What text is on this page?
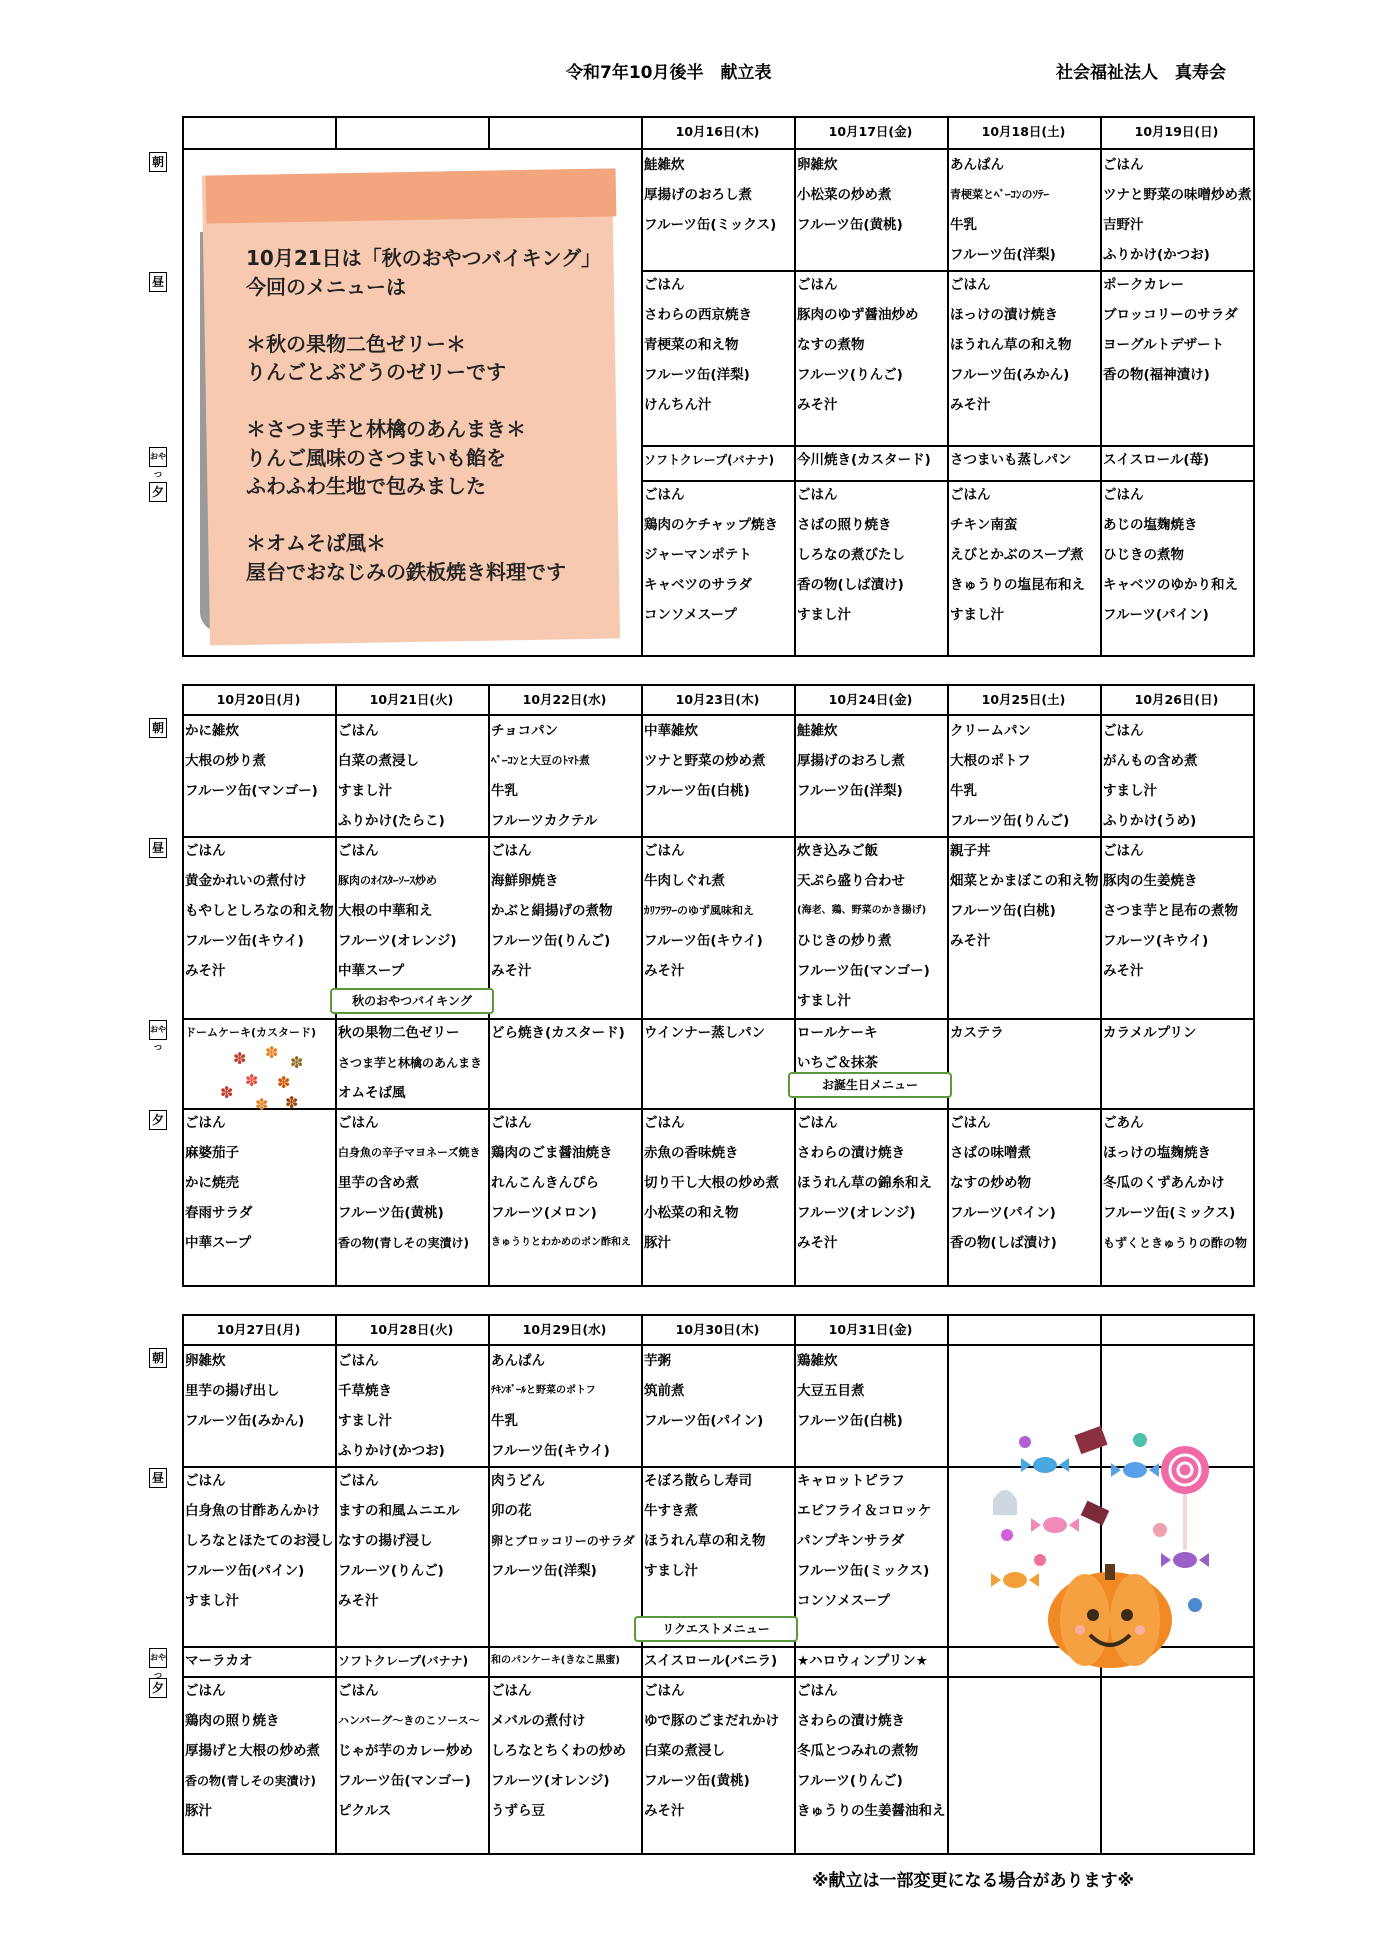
令和7年10月後半　献立表	社会福祉法人　真寿会
朝
昼
おやつ
夕
10月16日(木)
鮭雑炊
厚揚げのおろし煮
フルーツ缶(ミックス)
ごはん
さわらの西京焼き
青梗菜の和え物
フルーツ缶(洋梨)
けんちん汁
ソフトクレープ(バナナ)
ごはん
鶏肉のケチャップ焼き
ジャーマンポテト
キャベツのサラダ
コンソメスープ
10月17日(金)
卵雑炊
小松菜の炒め煮
フルーツ缶(黄桃)
ごはん
豚肉のゆず醤油炒め
なすの煮物
フルーツ(りんご)
みそ汁
今川焼き(カスタード)
ごはん
さばの照り焼き
しろなの煮びたし
香の物(しば漬け)
すまし汁
10月18日(土)
あんぱん
青梗菜とﾍﾞｰｺﾝのｿﾃｰ
牛乳
フルーツ缶(洋梨)
ごはん
ほっけの漬け焼き
ほうれん草の和え物
フルーツ缶(みかん)
みそ汁
さつまいも蒸しパン
ごはん
チキン南蛮
えびとかぶのスープ煮
きゅうりの塩昆布和え
すまし汁
10月19日(日)
ごはん
ツナと野菜の味噌炒め煮
吉野汁
ふりかけ(かつお)
ポークカレー
ブロッコリーのサラダ
ヨーグルトデザート
香の物(福神漬け)
スイスロール(苺)
ごはん
あじの塩麹焼き
ひじきの煮物
キャベツのゆかり和え
フルーツ(パイン)
朝
昼
おやつ
夕
10月20日(月)
かに雑炊
大根の炒り煮
フルーツ缶(マンゴー)
ごはん
黄金かれいの煮付け
もやしとしろなの和え物
フルーツ缶(キウイ)
みそ汁
ドームケーキ(カスタード)
ごはん
麻婆茄子
かに焼売
春雨サラダ
中華スープ
10月21日(火)
ごはん
白菜の煮浸し
すまし汁
ふりかけ(たらこ)
ごはん
豚肉のｵｲｽﾀｰｿｰｽ炒め
大根の中華和え
フルーツ(オレンジ)
中華スープ
秋の果物二色ゼリー
さつま芋と林檎のあんまき
オムそば風
ごはん
白身魚の辛子マヨネーズ焼き
里芋の含め煮
フルーツ缶(黄桃)
香の物(青しその実漬け)
10月22日(水)
チョコパン
ﾍﾞｰｺﾝと大豆のﾄﾏﾄ煮
牛乳
フルーツカクテル
ごはん
海鮮卵焼き
かぶと絹揚げの煮物
フルーツ缶(りんご)
みそ汁
どら焼き(カスタード)
ごはん
鶏肉のごま醤油焼き
れんこんきんぴら
フルーツ(メロン)
きゅうりとわかめのポン酢和え
10月23日(木)
中華雑炊
ツナと野菜の炒め煮
フルーツ缶(白桃)
ごはん
牛肉しぐれ煮
ｶﾘﾌﾗﾜｰのゆず風味和え
フルーツ缶(キウイ)
みそ汁
ウインナー蒸しパン
ごはん
赤魚の香味焼き
切り干し大根の炒め煮
小松菜の和え物
豚汁
10月24日(金)
鮭雑炊
厚揚げのおろし煮
フルーツ缶(洋梨)
炊き込みご飯
天ぷら盛り合わせ
(海老、鶏、野菜のかき揚げ)
ひじきの炒り煮
フルーツ缶(マンゴー)
すまし汁
ロールケーキ
いちご＆抹茶
ごはん
さわらの漬け焼き
ほうれん草の錦糸和え
フルーツ(オレンジ)
みそ汁
10月25日(土)
クリームパン
大根のポトフ
牛乳
フルーツ缶(りんご)
親子丼
畑菜とかまぼこの和え物
フルーツ缶(白桃)
みそ汁
カステラ
ごはん
さばの味噌煮
なすの炒め物
フルーツ(パイン)
香の物(しば漬け)
10月26日(日)
ごはん
がんもの含め煮
すまし汁
ふりかけ(うめ)
ごはん
豚肉の生姜焼き
さつま芋と昆布の煮物
フルーツ(キウイ)
みそ汁
カラメルプリン
ごあん
ほっけの塩麹焼き
冬瓜のくずあんかけ
フルーツ缶(ミックス)
もずくときゅうりの酢の物
朝
昼
おやつ
夕
10月27日(月)
卵雑炊
里芋の揚げ出し
フルーツ缶(みかん)
ごはん
白身魚の甘酢あんかけ
しろなとほたてのお浸し
フルーツ缶(パイン)
すまし汁
マーラカオ
ごはん
鶏肉の照り焼き
厚揚げと大根の炒め煮
香の物(青しその実漬け)
豚汁
10月28日(火)
ごはん
千草焼き
すまし汁
ふりかけ(かつお)
ごはん
ますの和風ムニエル
なすの揚げ浸し
フルーツ(りんご)
みそ汁
ソフトクレープ(バナナ)
ごはん
ハンバーグ～きのこソース～
じゃが芋のカレー炒め
フルーツ缶(マンゴー)
ピクルス
10月29日(水)
あんぱん
ﾁｷﾝﾎﾞｰﾙと野菜のポトフ
牛乳
フルーツ缶(キウイ)
肉うどん
卯の花
卵とブロッコリーのサラダ
フルーツ缶(洋梨)
和のパンケーキ(きなこ黒蜜)
ごはん
メバルの煮付け
しろなとちくわの炒め
フルーツ(オレンジ)
うずら豆
10月30日(木)
芋粥
筑前煮
フルーツ缶(パイン)
そぼろ散らし寿司
牛すき煮
ほうれん草の和え物
すまし汁
スイスロール(バニラ)
ごはん
ゆで豚のごまだれかけ
白菜の煮浸し
フルーツ缶(黄桃)
みそ汁
10月31日(金)
鶏雑炊
大豆五目煮
フルーツ缶(白桃)
キャロットピラフ
エビフライ＆コロッケ
パンプキンサラダ
フルーツ缶(ミックス)
コンソメスープ
★ハロウィンプリン★
ごはん
さわらの漬け焼き
冬瓜とつみれの煮物
フルーツ(りんご)
きゅうりの生姜醤油和え
秋のおやつバイキング
お誕生日メニュー
リクエストメニュー
10月21日は「秋のおやつバイキング」
今回のメニューは
＊秋の果物二色ゼリー＊
りんごとぶどうのゼリーです
＊さつま芋と林檎のあんまき＊
りんご風味のさつまいも餡を
ふわふわ生地で包みました
＊オムそば風＊
屋台でおなじみの鉄板焼き料理です
✽ ✽
✽
✽ ✽
✽
✽ ✽
※献立は一部変更になる場合があります※
